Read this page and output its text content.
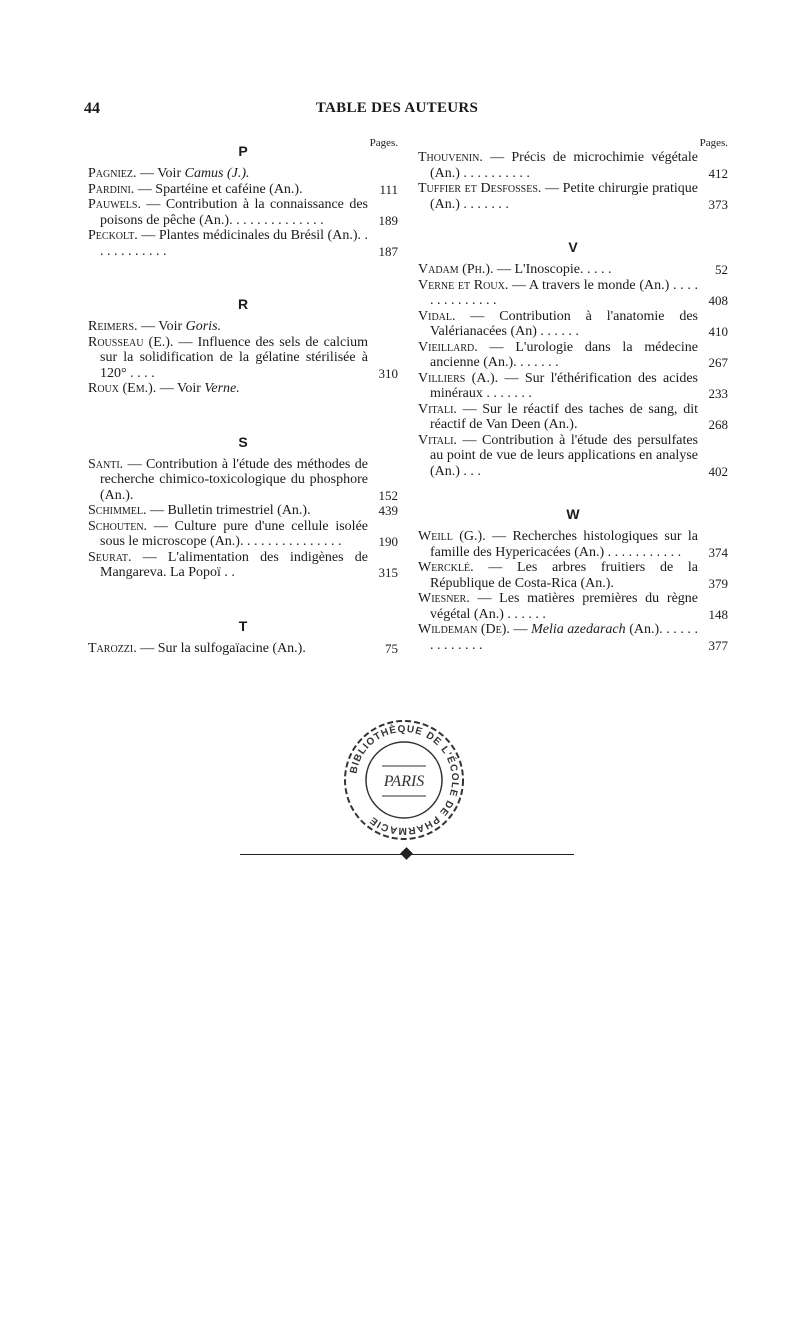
44	TABLE DES AUTEURS
Pages.
P
Pagniez. — Voir Camus (J.).
Pardini. — Spartéine et caféine (An.).	111
Pauwels. — Contribution à la connaissance des poisons de pêche (An.). . . . . . . . . . . . . .	189
Peckolt. — Plantes médicinales du Brésil (An.). . . . . . . . . . . .	187
R
Reimers. — Voir Goris.
Rousseau (E.). — Influence des sels de calcium sur la solidification de la gélatine stérilisée à 120° . . . .	310
Roux (Em.). — Voir Verne.
S
Santi. — Contribution à l'étude des méthodes de recherche chimico-toxicologique du phosphore (An.).	152
Schimmel. — Bulletin trimestriel (An.).	439
Schouten. — Culture pure d'une cellule isolée sous le microscope (An.). . . . . . . . . . . . . . .	190
Seurat. — L'alimentation des indigènes de Mangareva. La Popoï . .	315
T
Tarozzi. — Sur la sulfogaïacine (An.).	75
Pages.
Thouvenin. — Précis de microchimie végétale (An.) . . . . . . . . . .	412
Tuffier et Desfosses. — Petite chirurgie pratique (An.) . . . . . . .	373
V
Vadam (Ph.). — L'Inoscopie. . . . .	52
Verne et Roux. — A travers le monde (An.) . . . . . . . . . . . . . .	408
Vidal. — Contribution à l'anatomie des Valérianacées (An) . . . . . .	410
Vieillard. — L'urologie dans la médecine ancienne (An.). . . . . . .	267
Villiers (A.). — Sur l'éthérification des acides minéraux . . . . . . .	233
Vitali. — Sur le réactif des taches de sang, dit réactif de Van Deen (An.).	268
Vitali. — Contribution à l'étude des persulfates au point de vue de leurs applications en analyse (An.) . . .	402
W
Weill (G.). — Recherches histologiques sur la famille des Hypericacées (An.) . . . . . . . . . . . 374
Wercklé. — Les arbres fruitiers de la République de Costa-Rica (An.).	379
Wiesner. — Les matières premières du règne végétal (An.) . . . . . .	148
Wildeman (De). — Melia azedarach (An.). . . . . . . . . . . . . .	377
BIBLIOTHÈQUE DE L'ÉCOLE DE PHARMACIE
PARIS
